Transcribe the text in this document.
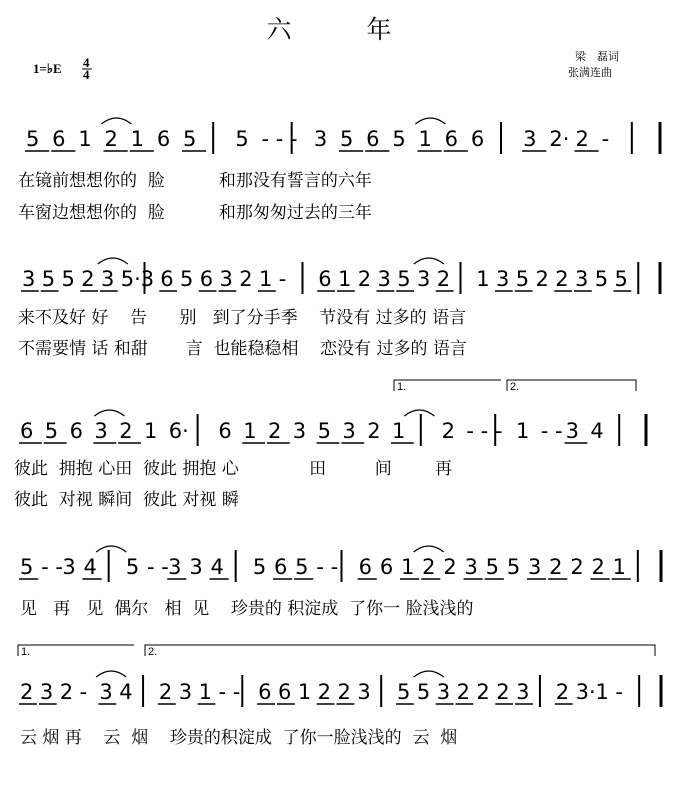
六　　　年
梁　磊词
张满连曲
1=♭E 4
4
5 6 1 2 1 6 5 5 - - - 3 5 6 5 1 6 6 3 2· 2 -
3 5 5 2 3 5·3 6 5 6 3 2 1 - 6 1 2 3 5 3 2 1 3 5 2 2 3 5 5
6 5 6 3 2 1 6· 6 1 2 3 5 3 2 1 2 - - - 1 - - 3 4
5 - - 3 4 5 - - 3 3 4 5 6 5 - - 6 6 1 2 2 3 5 5 3 2 2 2 1
2 3 2 - 3 4 2 3 1 - - 6 6 1 2 2 3 5 5 3 2 2 2 3 2 3· 1 -
在镜前想想你的  脸          和那没有誓言的六年
车窗边想想你的  脸          和那匆匆过去的三年
来不及好 好    告      别   到了分手季    节没有 过多的 语言
不需要情 话 和甜       言  也能稳稳相    恋没有 过多的 语言
彼此  拥抱 心田  彼此 拥抱 心             田         间        再
彼此  对视 瞬间  彼此 对视 瞬
见   再   见  偶尔   相  见    珍贵的 积淀成  了你一 脸浅浅的
云 烟 再    云  烟    珍贵的积淀成  了你一脸浅浅的  云  烟
1.	2.
1.	2.
